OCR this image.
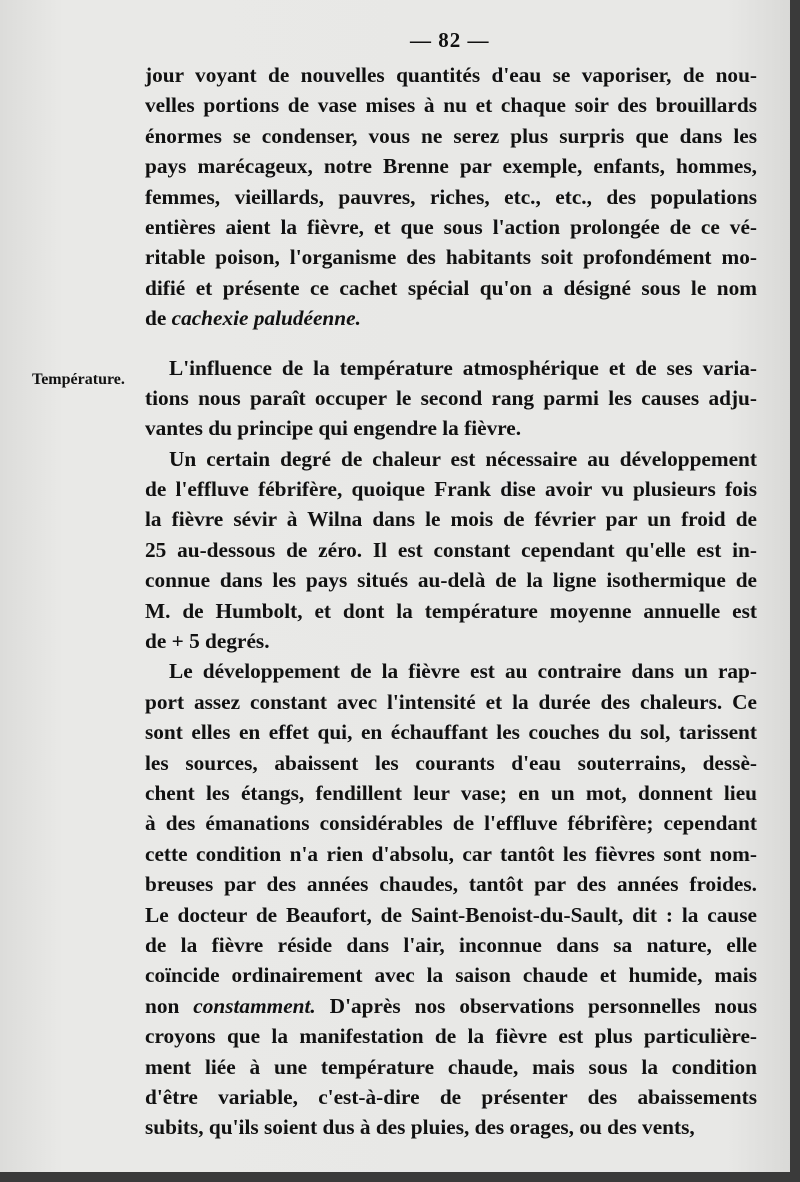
— 82 —
Température.
jour voyant de nouvelles quantités d'eau se vaporiser, de nou-
velles portions de vase mises à nu et chaque soir des brouillards
énormes se condenser, vous ne serez plus surpris que dans les
pays marécageux, notre Brenne par exemple, enfants, hommes,
femmes, vieillards, pauvres, riches, etc., etc., des populations
entières aient la fièvre, et que sous l'action prolongée de ce vé-
ritable poison, l'organisme des habitants soit profondément mo-
difié et présente ce cachet spécial qu'on a désigné sous le nom
de cachexie paludéenne.
L'influence de la température atmosphérique et de ses varia-
tions nous paraît occuper le second rang parmi les causes adju-
vantes du principe qui engendre la fièvre.
Un certain degré de chaleur est nécessaire au développement
de l'effluve fébrifère, quoique Frank dise avoir vu plusieurs fois
la fièvre sévir à Wilna dans le mois de février par un froid de
25 au-dessous de zéro. Il est constant cependant qu'elle est in-
connue dans les pays situés au-delà de la ligne isothermique de
M. de Humbolt, et dont la température moyenne annuelle est
de + 5 degrés.
Le développement de la fièvre est au contraire dans un rap-
port assez constant avec l'intensité et la durée des chaleurs. Ce
sont elles en effet qui, en échauffant les couches du sol, tarissent
les sources, abaissent les courants d'eau souterrains, dessè-
chent les étangs, fendillent leur vase; en un mot, donnent lieu
à des émanations considérables de l'effluve fébrifère; cependant
cette condition n'a rien d'absolu, car tantôt les fièvres sont nom-
breuses par des années chaudes, tantôt par des années froides.
Le docteur de Beaufort, de Saint-Benoist-du-Sault, dit : la cause
de la fièvre réside dans l'air, inconnue dans sa nature, elle
coïncide ordinairement avec la saison chaude et humide, mais
non constamment. D'après nos observations personnelles nous
croyons que la manifestation de la fièvre est plus particulière-
ment liée à une température chaude, mais sous la condition
d'être variable, c'est-à-dire de présenter des abaissements
subits, qu'ils soient dus à des pluies, des orages, ou des vents,
